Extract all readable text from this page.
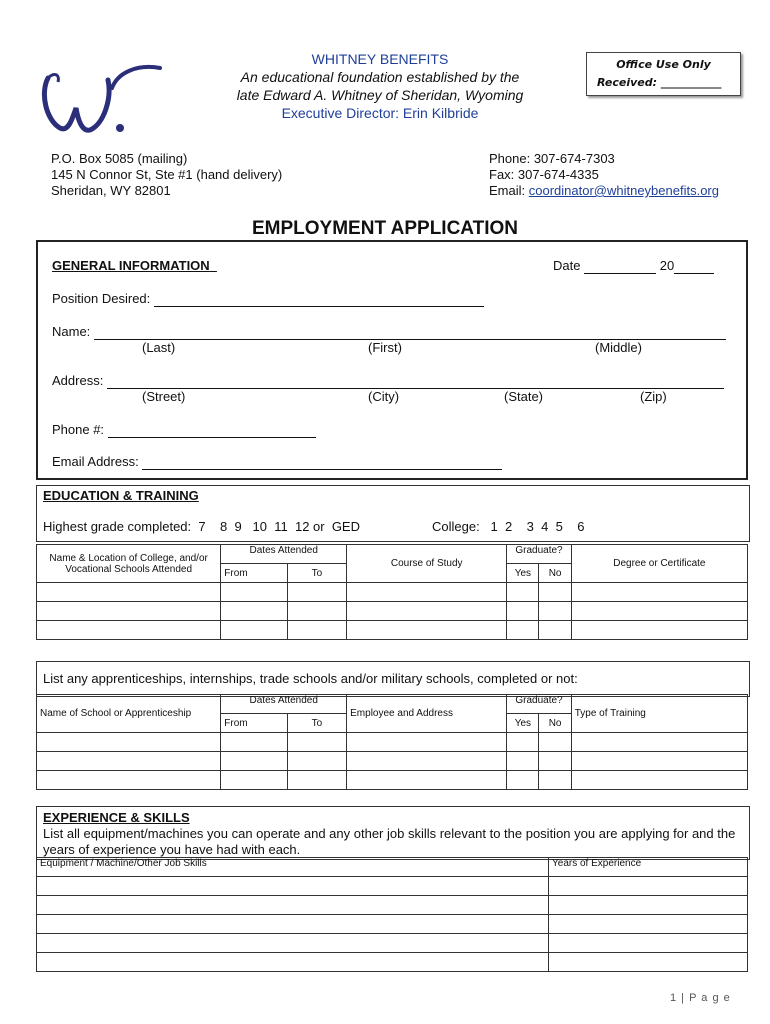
WHITNEY BENEFITS
An educational foundation established by the
late Edward A. Whitney of Sheridan, Wyoming
Executive Director: Erin Kilbride
Office Use Only
Received: ___________
P.O. Box 5085 (mailing)
145 N Connor St, Ste #1 (hand delivery)
Sheridan, WY 82801
Phone: 307-674-7303
Fax: 307-674-4335
Email: coordinator@whitneybenefits.org
EMPLOYMENT APPLICATION
GENERAL INFORMATION	Date	20
Position Desired:
Name:
(Last)	(First)	(Middle)
Address:
(Street)	(City)	(State)	(Zip)
Phone #:
Email Address:
EDUCATION & TRAINING
Highest grade completed:  7    8  9   10  11  12 or  GED	College:   1  2    3  4  5    6
Name & Location of College, and/or Vocational Schools Attended	Dates Attended		Course of Study	Graduate?		Degree or Certificate
	From	To		Yes	No	

List any apprenticeships, internships, trade schools and/or military schools, completed or not:
Name of School or Apprenticeship	Dates Attended		Employee and Address	Graduate?		Type of Training
	From	To		Yes	No	

EXPERIENCE & SKILLS
List all equipment/machines you can operate and any other job skills relevant to the position you are applying for and the years of experience you have had with each.
Equipment / Machine/Other Job Skills	Years of Experience

1 | P a g e
